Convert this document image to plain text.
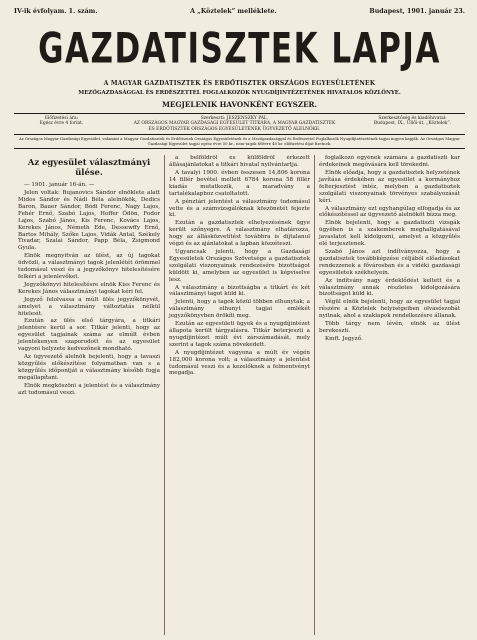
IV-ik évfolyam. 1. szám.	A „Köztelek” melléklete.	Budapest, 1901. január 23.
GAZDATISZTEK LAPJA
A MAGYAR GAZDATISZTEK ÉS ERDŐTISZTEK ORSZÁGOS EGYESÜLETÉNEK
MEZŐGAZDASÁGGAL ÉS ERDÉSZETTEL FOGLALKOZÓK NYUGDÍJINTÉZETÉNEK HIVATALOS KÖZLÖNYE.
MEGJELENIK HAVONKÉNT EGYSZER.
Előfizetési ára:
Egész évre 4 forint.
Szerkeszti: JESZENSZKY PÁL,
AZ ORSZÁGOS MAGYAR GAZDASÁGI EGYESÜLET TITKÁRA, A MAGYAR GAZDATISZTEK
ÉS ERDŐTISZTEK ORSZÁGOS EGYESÜLETÉNEK ÜGYVEZETŐ ALELNÖKE.
Szerkesztőség és kiadóhivatal:
Budapest, IX., Üllői-út, „Köztelek”.
Az Országos Magyar Gazdasági Egyesület, valamint a Magyar Gazdatisztek és Erdőtisztek Országos Egyesületének és a Mezőgazdasággal és Erdészettel Foglalkozók Nyugdíjintézetének tagjai ingyen kapják. Az Országos Magyar Gazdasági Egyesület tagjai egész évre 50 kr., nem-tagok félévre 40 kr. előfizetési díjat fizetnek.
Az egyesület választmányi ülése.

— 1901. január 16-án. —

Jelen voltak: Bujanovics Sándor elnöklete alatt Midos Sándor és Nádi Béla alelnökök, Dedics Baron, Bauer Sándor, Bódi Ferenc, Nagy Lajos, Fehér Ernő, Szabó Lajos, Hoffer Ödön, Fodor Lajos, Szabó János, Kis Ferenc, Kovács Lajos, Kerekes János, Németh Ede, Dessewffy Ernő, Bartos Mihály, Szőke Lajos, Vidák Antal, Székely Tivadar, Szalai Sándor, Papp Béla, Zsigmond Gyula.

Elnök megnyitván az ülést, az új tagokat üdvözli, a választmányi tagok jelenlétét örömmel tudomásul veszi és a jegyzőkönyv hitelesítésére felkéri a jelenlevőket.

Jegyzőkönyvi hitelesítésre elnök Kiss Ferenc és Kerekes János választmányi tagokat kéri fel.

Jegyző felolvassa a múlt ülés jegyzőkönyvét, amelyet a választmány változtatás nélkül hitelesít.

Ezután az ülés első tárgyára, a titkári jelentésre kerül a sor. Titkár jelenti, hogy az egyesület tagjainak száma az elmúlt évben jelentékenyen szaporodott és az egyesület vagyoni helyzete kedvezőnek mondható.

Az ügyvezető alelnök bejelenti, hogy a tavaszi közgyűlés előkészítése folyamatban van s a közgyűlés időpontját a választmány később fogja megállapítani.

Elnök megköszöni a jelentést és a választmány azt tudomásul veszi.

a belföldről és külföldről érkezett állásajánlatokat a titkári hivatal nyilvántartja.

A tavalyi 1900. évben összesen 14,806 korona 14 fillér bevétel mellett 6784 korona 58 fillér kiadás mutatkozik, a maradvány a tartalékalaphoz csatoltatott.

A pénztári jelentést a választmány tudomásul vette és a számvizsgálóknak köszönetét fejezte ki.

Ezután a gazdatisztek elhelyezésének ügye került szőnyegre. A választmány elhatározza, hogy az állásközvetítést továbbra is díjtalanul végzi és az ajánlatokat a lapban közzéteszi.

Ugyancsak jelenti, hogy a Gazdasági Egyesületek Országos Szövetsége a gazdatisztek szolgálati viszonyainak rendezésére bizottságot küldött ki, amelyben az egyesület is képviselve lesz.

A választmány a bizottságba a titkárt és két választmányi tagot küld ki.

Jelenti, hogy a tagok közül többen elhunytak; a választmány elhunyt tagjai emlékét jegyzőkönyvben örökíti meg.

Ezután az egyesületi ügyek és a nyugdíjintézet állapota került tárgyalásra. Titkár beterjeszti a nyugdíjintézet múlt évi zárszámadását, mely szerint a tagok száma növekedett.

A nyugdíjintézet vagyona a múlt év végén 182,000 korona volt; a választmány a jelentést tudomásul veszi és a kezelőknek a felmentvényt megadja.

foglalkozó egyének számára a gazdatiszti kar érdekeinek megóvására kell törekedni.

Elnök előadja, hogy a gazdatisztek helyzetének javítása érdekében az egyesület a kormányhoz felterjesztést intéz, melyben a gazdatisztek szolgálati viszonyainak törvényes szabályozását kéri.

A választmány ezt egyhangúlag elfogadja és az előkészítéssel az ügyvezető alelnököt bízza meg.

Elnök bejelenti, hogy a gazdatiszti vizsgák ügyében is a szakemberek meghallgatásával javaslatot kell kidolgozni, amelyet a közgyűlés elé terjesztenek.

Szabó János azt indítványozza, hogy a gazdatisztek továbbképzése céljából előadásokat rendezzenek a fővárosban és a vidéki gazdasági egyesületek székhelyein.

Az indítvány nagy érdeklődést keltett és a választmány annak részletes kidolgozására bizottságot küld ki.

Végül elnök bejelenti, hogy az egyesület tagjai részére a Köztelek helyiségeiben olvasószobát nyitnak, ahol a szaklapok rendelkezésre állanak.

Több tárgy nem lévén, elnök az ülést berekeszti.

Kmft. Jegyző.
